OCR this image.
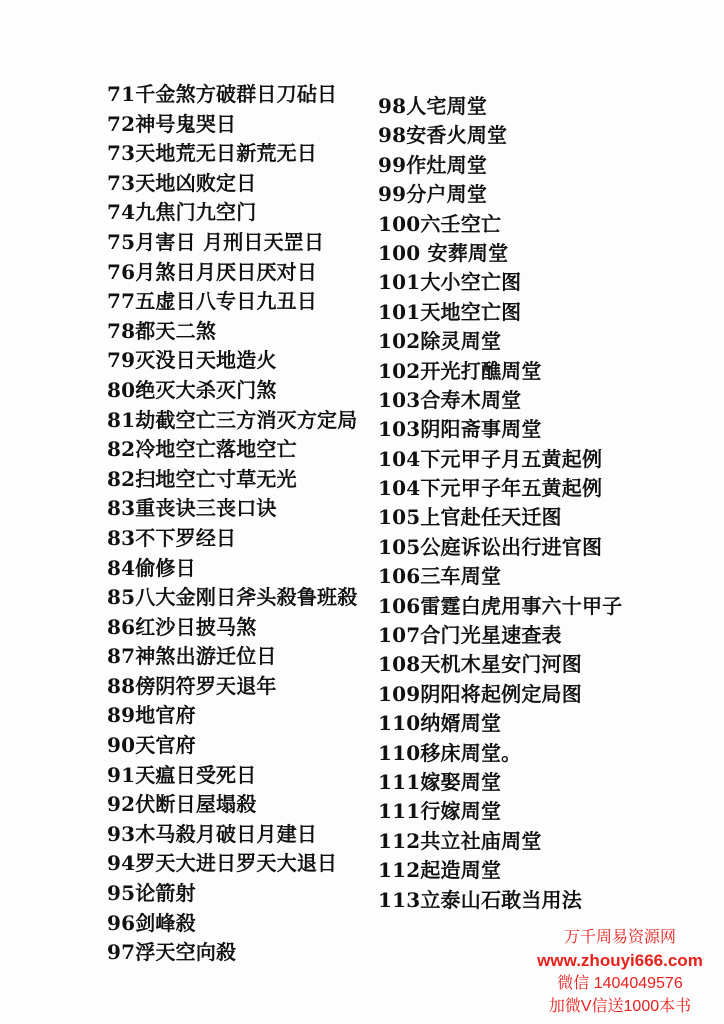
71千金煞方破群日刀砧日
72神号鬼哭日
73天地荒无日新荒无日
73天地凶败定日
74九焦门九空门
75月害日 月刑日天罡日
76月煞日月厌日厌对日
77五虚日八专日九丑日
78都天二煞
79灭没日天地造火
80绝灭大杀灭门煞
81劫截空亡三方消灭方定局
82冷地空亡落地空亡
82扫地空亡寸草无光
83重丧诀三丧口诀
83不下罗经日
84偷修日
85八大金刚日斧头殺鲁班殺
86红沙日披马煞
87神煞出游迁位日
88傍阴符罗天退年
89地官府
90天官府
91天瘟日受死日
92伏断日屋塌殺
93木马殺月破日月建日
94罗天大进日罗天大退日
95论箭射
96剑峰殺
97浮天空向殺
98人宅周堂
98安香火周堂
99作灶周堂
99分户周堂
100六壬空亡
100 安葬周堂
101大小空亡图
101天地空亡图
102除灵周堂
102开光打醮周堂
103合寿木周堂
103阴阳斋事周堂
104下元甲子月五黄起例
104下元甲子年五黄起例
105上官赴任天迁图
105公庭诉讼出行进官图
106三车周堂
106雷霆白虎用事六十甲子
107合门光星速查表
108天机木星安门河图
109阴阳将起例定局图
110纳婿周堂
110移床周堂。
111嫁娶周堂
111行嫁周堂
112共立社庙周堂
112起造周堂
113立泰山石敢当用法
万千周易资源网
www.zhouyi666.com
微信 1404049576
加微V信送1000本书
